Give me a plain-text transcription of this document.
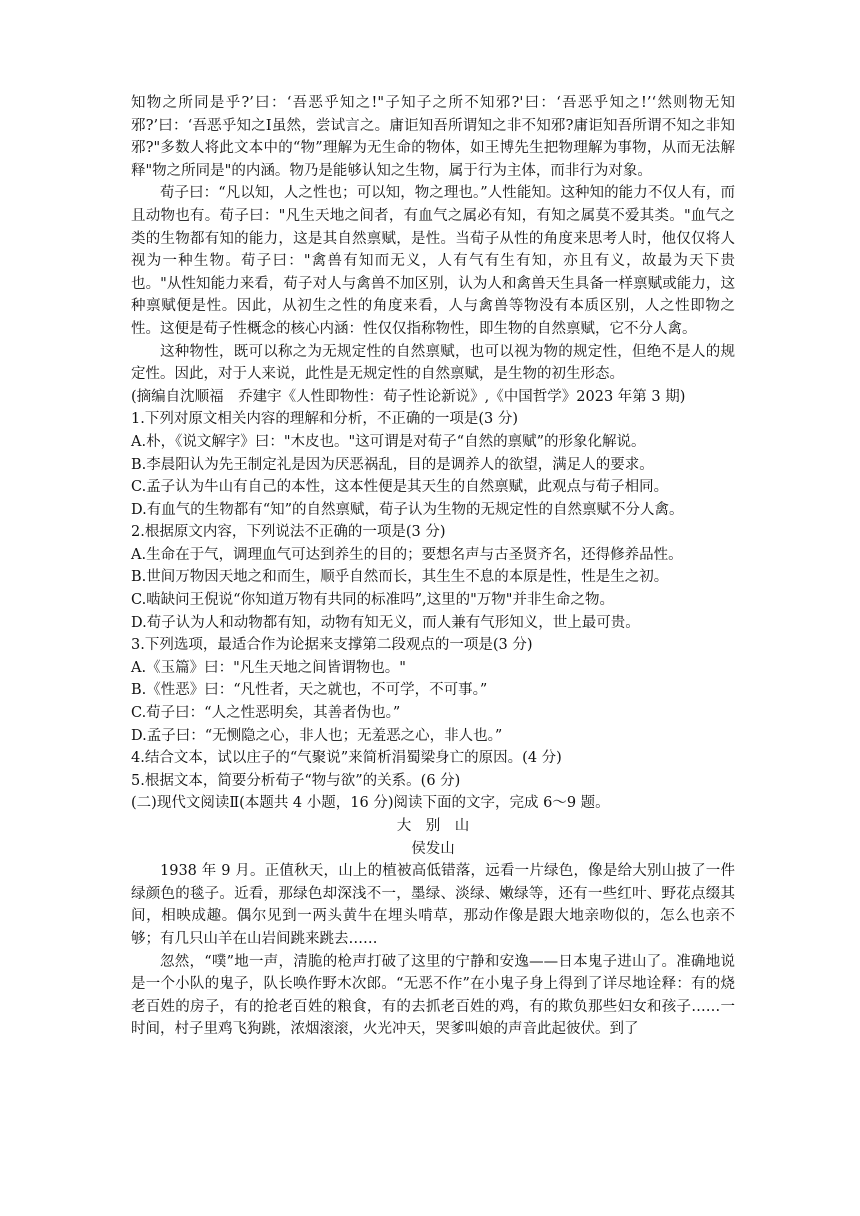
知物之所同是乎?’曰：‘吾恶乎知之!"子知子之所不知邪?'曰：‘吾恶乎知之!’‘然则物无知邪?’曰：‘吾恶乎知之I虽然，尝试言之。庸讵知吾所谓知之非不知邪?庸讵知吾所谓不知之非知邪?"多数人将此文本中的“物”理解为无生命的物体，如王博先生把物理解为事物，从而无法解释"物之所同是"的内涵。物乃是能够认知之生物，属于行为主体，而非行为对象。
荀子曰：“凡以知，人之性也；可以知，物之理也。”人性能知。这种知的能力不仅人有，而且动物也有。荀子曰："凡生天地之间者，有血气之属必有知，有知之属莫不爱其类。"血气之类的生物都有知的能力，这是其自然禀赋，是性。当荀子从性的角度来思考人时，他仅仅将人视为一种生物。荀子曰："禽兽有知而无义，人有气有生有知，亦且有义，故最为天下贵也。"从性知能力来看，荀子对人与禽兽不加区别，认为人和禽兽天生具备一样禀赋或能力，这种禀赋便是性。因此，从初生之性的角度来看，人与禽兽等物没有本质区别，人之性即物之性。这便是荀子性概念的核心内涵：性仅仅指称物性，即生物的自然禀赋，它不分人禽。
这种物性，既可以称之为无规定性的自然禀赋，也可以视为物的规定性，但绝不是人的规定性。因此，对于人来说，此性是无规定性的自然禀赋，是生物的初生形态。
(摘编自沈顺福　乔建宇《人性即物性：荀子性论新说》,《中国哲学》2023 年第 3 期)
1.下列对原文相关内容的理解和分析，不正确的一项是(3 分)
A.朴，《说文解字》曰："木皮也。"这可谓是对荀子“自然的禀赋”的形象化解说。
B.李晨阳认为先王制定礼是因为厌恶祸乱，目的是调养人的欲望，满足人的要求。
C.孟子认为牛山有自己的本性，这本性便是其天生的自然禀赋，此观点与荀子相同。
D.有血气的生物都有“知”的自然禀赋，荀子认为生物的无规定性的自然禀赋不分人禽。
2.根据原文内容，下列说法不正确的一项是(3 分)
A.生命在于气，调理血气可达到养生的目的；要想名声与古圣贤齐名，还得修养品性。
B.世间万物因天地之和而生，顺乎自然而长，其生生不息的本原是性，性是生之初。
C.啮缺问王倪说“你知道万物有共同的标准吗”,这里的"万物"并非生命之物。
D.荀子认为人和动物都有知，动物有知无义，而人兼有气形知义，世上最可贵。
3.下列选项，最适合作为论据来支撑第二段观点的一项是(3 分)
A.《玉篇》曰："凡生天地之间皆谓物也。"
B.《性恶》曰：“凡性者，天之就也，不可学，不可事。”
C.荀子曰：“人之性恶明矣，其善者伪也。”
D.孟子曰：“无恻隐之心，非人也；无羞恶之心，非人也。”
4.结合文本，试以庄子的“气聚说”来简析涓蜀梁身亡的原因。(4 分)
5.根据文本，简要分析荀子“物与欲”的关系。(6 分)
(二)现代文阅读Ⅱ(本题共 4 小题，16 分)阅读下面的文字，完成 6～9 题。
大　别　山
侯发山
1938 年 9 月。正值秋天，山上的植被高低错落，远看一片绿色，像是给大别山披了一件绿颜色的毯子。近看，那绿色却深浅不一，墨绿、淡绿、嫩绿等，还有一些红叶、野花点缀其间，相映成趣。偶尔见到一两头黄牛在埋头啃草，那动作像是跟大地亲吻似的，怎么也亲不够；有几只山羊在山岩间跳来跳去……
忽然，“噗”地一声，清脆的枪声打破了这里的宁静和安逸——日本鬼子进山了。准确地说是一个小队的鬼子，队长唤作野木次郎。“无恶不作”在小鬼子身上得到了详尽地诠释：有的烧老百姓的房子，有的抢老百姓的粮食，有的去抓老百姓的鸡，有的欺负那些妇女和孩子……一时间，村子里鸡飞狗跳，浓烟滚滚，火光冲天，哭爹叫娘的声音此起彼伏。到了
